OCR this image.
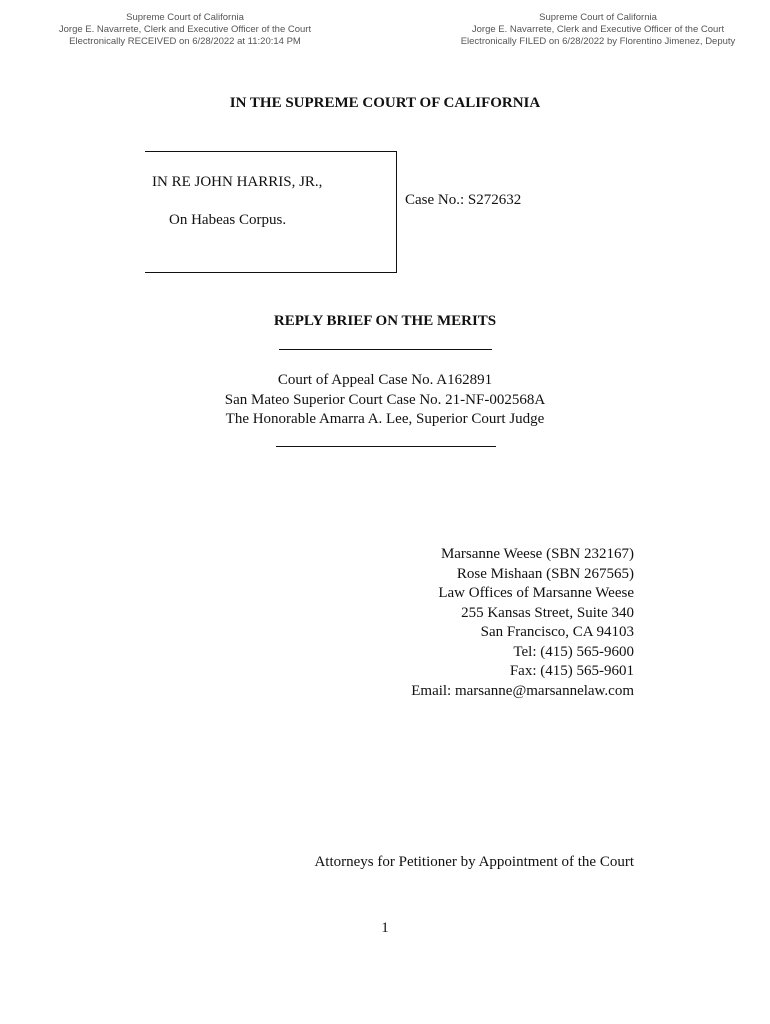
Supreme Court of California
Jorge E. Navarrete, Clerk and Executive Officer of the Court
Electronically RECEIVED on 6/28/2022 at 11:20:14 PM
Supreme Court of California
Jorge E. Navarrete, Clerk and Executive Officer of the Court
Electronically FILED on 6/28/2022 by Florentino Jimenez, Deputy
IN THE SUPREME COURT OF CALIFORNIA
IN RE JOHN HARRIS, JR.,
On Habeas Corpus.
Case No.: S272632
REPLY BRIEF ON THE MERITS
Court of Appeal Case No. A162891
San Mateo Superior Court Case No. 21-NF-002568A
The Honorable Amarra A. Lee, Superior Court Judge
Marsanne Weese (SBN 232167)
Rose Mishaan (SBN 267565)
Law Offices of Marsanne Weese
255 Kansas Street, Suite 340
San Francisco, CA 94103
Tel: (415) 565-9600
Fax: (415) 565-9601
Email: marsanne@marsannelaw.com
Attorneys for Petitioner by Appointment of the Court
1
